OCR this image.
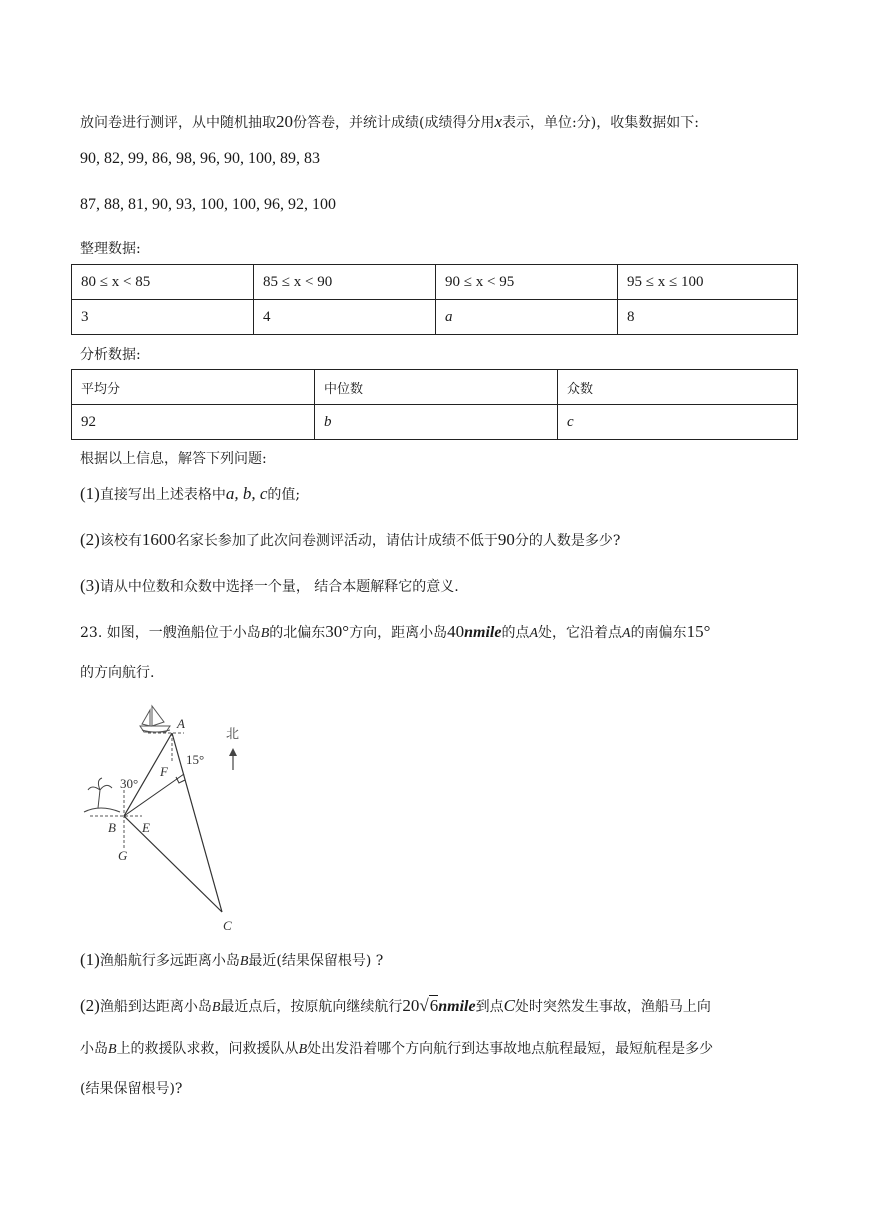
放问卷进行测评，从中随机抽取20份答卷，并统计成绩(成绩得分用x表示，单位:分)，收集数据如下:
90, 82, 99, 86, 98, 96, 90, 100, 89, 83
87, 88, 81, 90, 93, 100, 100, 96, 92, 100
整理数据:
80 ≤ x < 85	85 ≤ x < 90	90 ≤ x < 95	95 ≤ x ≤ 100
3	4	a	8
分析数据:
平均分	中位数	众数
92	b	c
根据以上信息，解答下列问题:
(1)直接写出上述表格中a, b, c的值;
(2)该校有1600名家长参加了此次问卷测评活动，请估计成绩不低于90分的人数是多少?
(3)请从中位数和众数中选择一个量， 结合本题解释它的意义.
23. 如图，一艘渔船位于小岛B的北偏东30°方向，距离小岛40nmile的点A处，它沿着点A的南偏东15°
的方向航行.
A
B
C
E
F
G
30°
15°
北
(1)渔船航行多远距离小岛B最近(结果保留根号) ?
(2)渔船到达距离小岛B最近点后，按原航向继续航行20√6nmile到点C处时突然发生事故，渔船马上向
小岛B上的救援队求救，问救援队从B处出发沿着哪个方向航行到达事故地点航程最短，最短航程是多少
(结果保留根号)?
